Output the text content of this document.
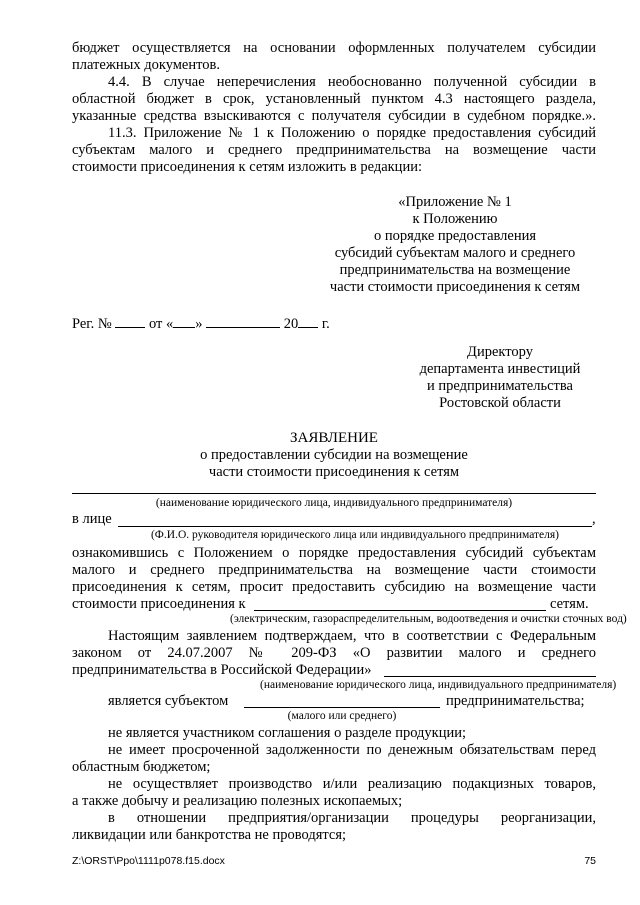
бюджет осуществляется на основании оформленных получателем субсидии
платежных документов.
4.4. В случае неперечисления необоснованно полученной субсидии в
областной бюджет в срок, установленный пунктом 4.3 настоящего раздела,
указанные средства взыскиваются с получателя субсидии в судебном порядке.».
11.3. Приложение № 1 к Положению о порядке предоставления субсидий
субъектам малого и среднего предпринимательства на возмещение части
стоимости присоединения к сетям изложить в редакции:
«Приложение № 1
к Положению
о порядке предоставления
субсидий субъектам малого и среднего
предпринимательства на возмещение
части стоимости присоединения к сетям
Рег. №	от « »	20 г.
Директору
департамента инвестиций
и предпринимательства
Ростовской области
ЗАЯВЛЕНИЕ
о предоставлении субсидии на возмещение
части стоимости присоединения к сетям
(наименование юридического лица, индивидуального предпринимателя)
в лице	,
(Ф.И.О. руководителя юридического лица или индивидуального предпринимателя)
ознакомившись с Положением о порядке предоставления субсидий субъектам
малого и среднего предпринимательства на возмещение части стоимости
присоединения к сетям, просит предоставить субсидию на возмещение части
стоимости присоединения к	сетям.
(электрическим, газораспределительным, водоотведения и очистки сточных вод)
Настоящим заявлением подтверждаем, что в соответствии с Федеральным
законом от 24.07.2007 № 209-ФЗ «О развитии малого и среднего
предпринимательства в Российской Федерации»
(наименование юридического лица, индивидуального предпринимателя)
является субъектом	предпринимательства;
(малого или среднего)
не является участником соглашения о разделе продукции;
не имеет просроченной задолженности по денежным обязательствам перед
областным бюджетом;
не осуществляет производство и/или реализацию подакцизных товаров,
а также добычу и реализацию полезных ископаемых;
в отношении предприятия/организации процедуры реорганизации,
ликвидации или банкротства не проводятся;
Z:\ORST\Ppo\1111p078.f15.docx	75
